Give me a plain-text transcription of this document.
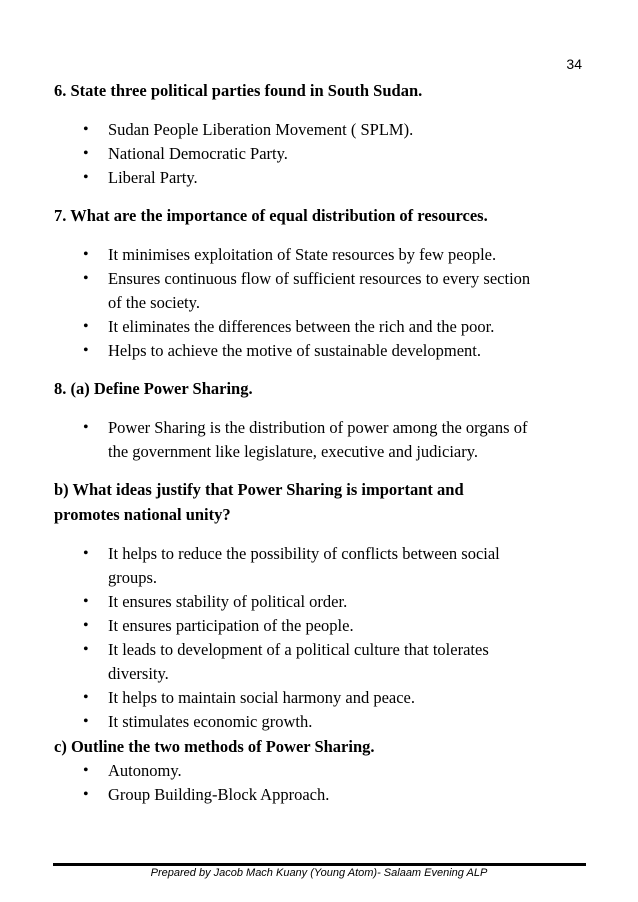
34

6. State three political parties found in South Sudan.

• Sudan People Liberation Movement ( SPLM).
• National Democratic Party.
• Liberal Party.

7. What are the importance of equal distribution of resources.

• It minimises exploitation of State resources by few people.
• Ensures continuous flow of sufficient resources to every section
of the society.
• It eliminates the differences between the rich and the poor.
• Helps to achieve the motive of sustainable development.

8. (a) Define Power Sharing.

• Power Sharing is the distribution of power among the organs of
the government like legislature, executive and judiciary.

b) What ideas justify that Power Sharing is important and

promotes national unity?

• It helps to reduce the possibility of conflicts between social
groups.
• It ensures stability of political order.
• It ensures participation of the people.
• It leads to development of a political culture that tolerates
diversity.
• It helps to maintain social harmony and peace.
• It stimulates economic growth.

c) Outline the two methods of Power Sharing.

• Autonomy.
• Group Building-Block Approach.
Prepared by Jacob Mach Kuany (Young Atom)- Salaam Evening ALP
